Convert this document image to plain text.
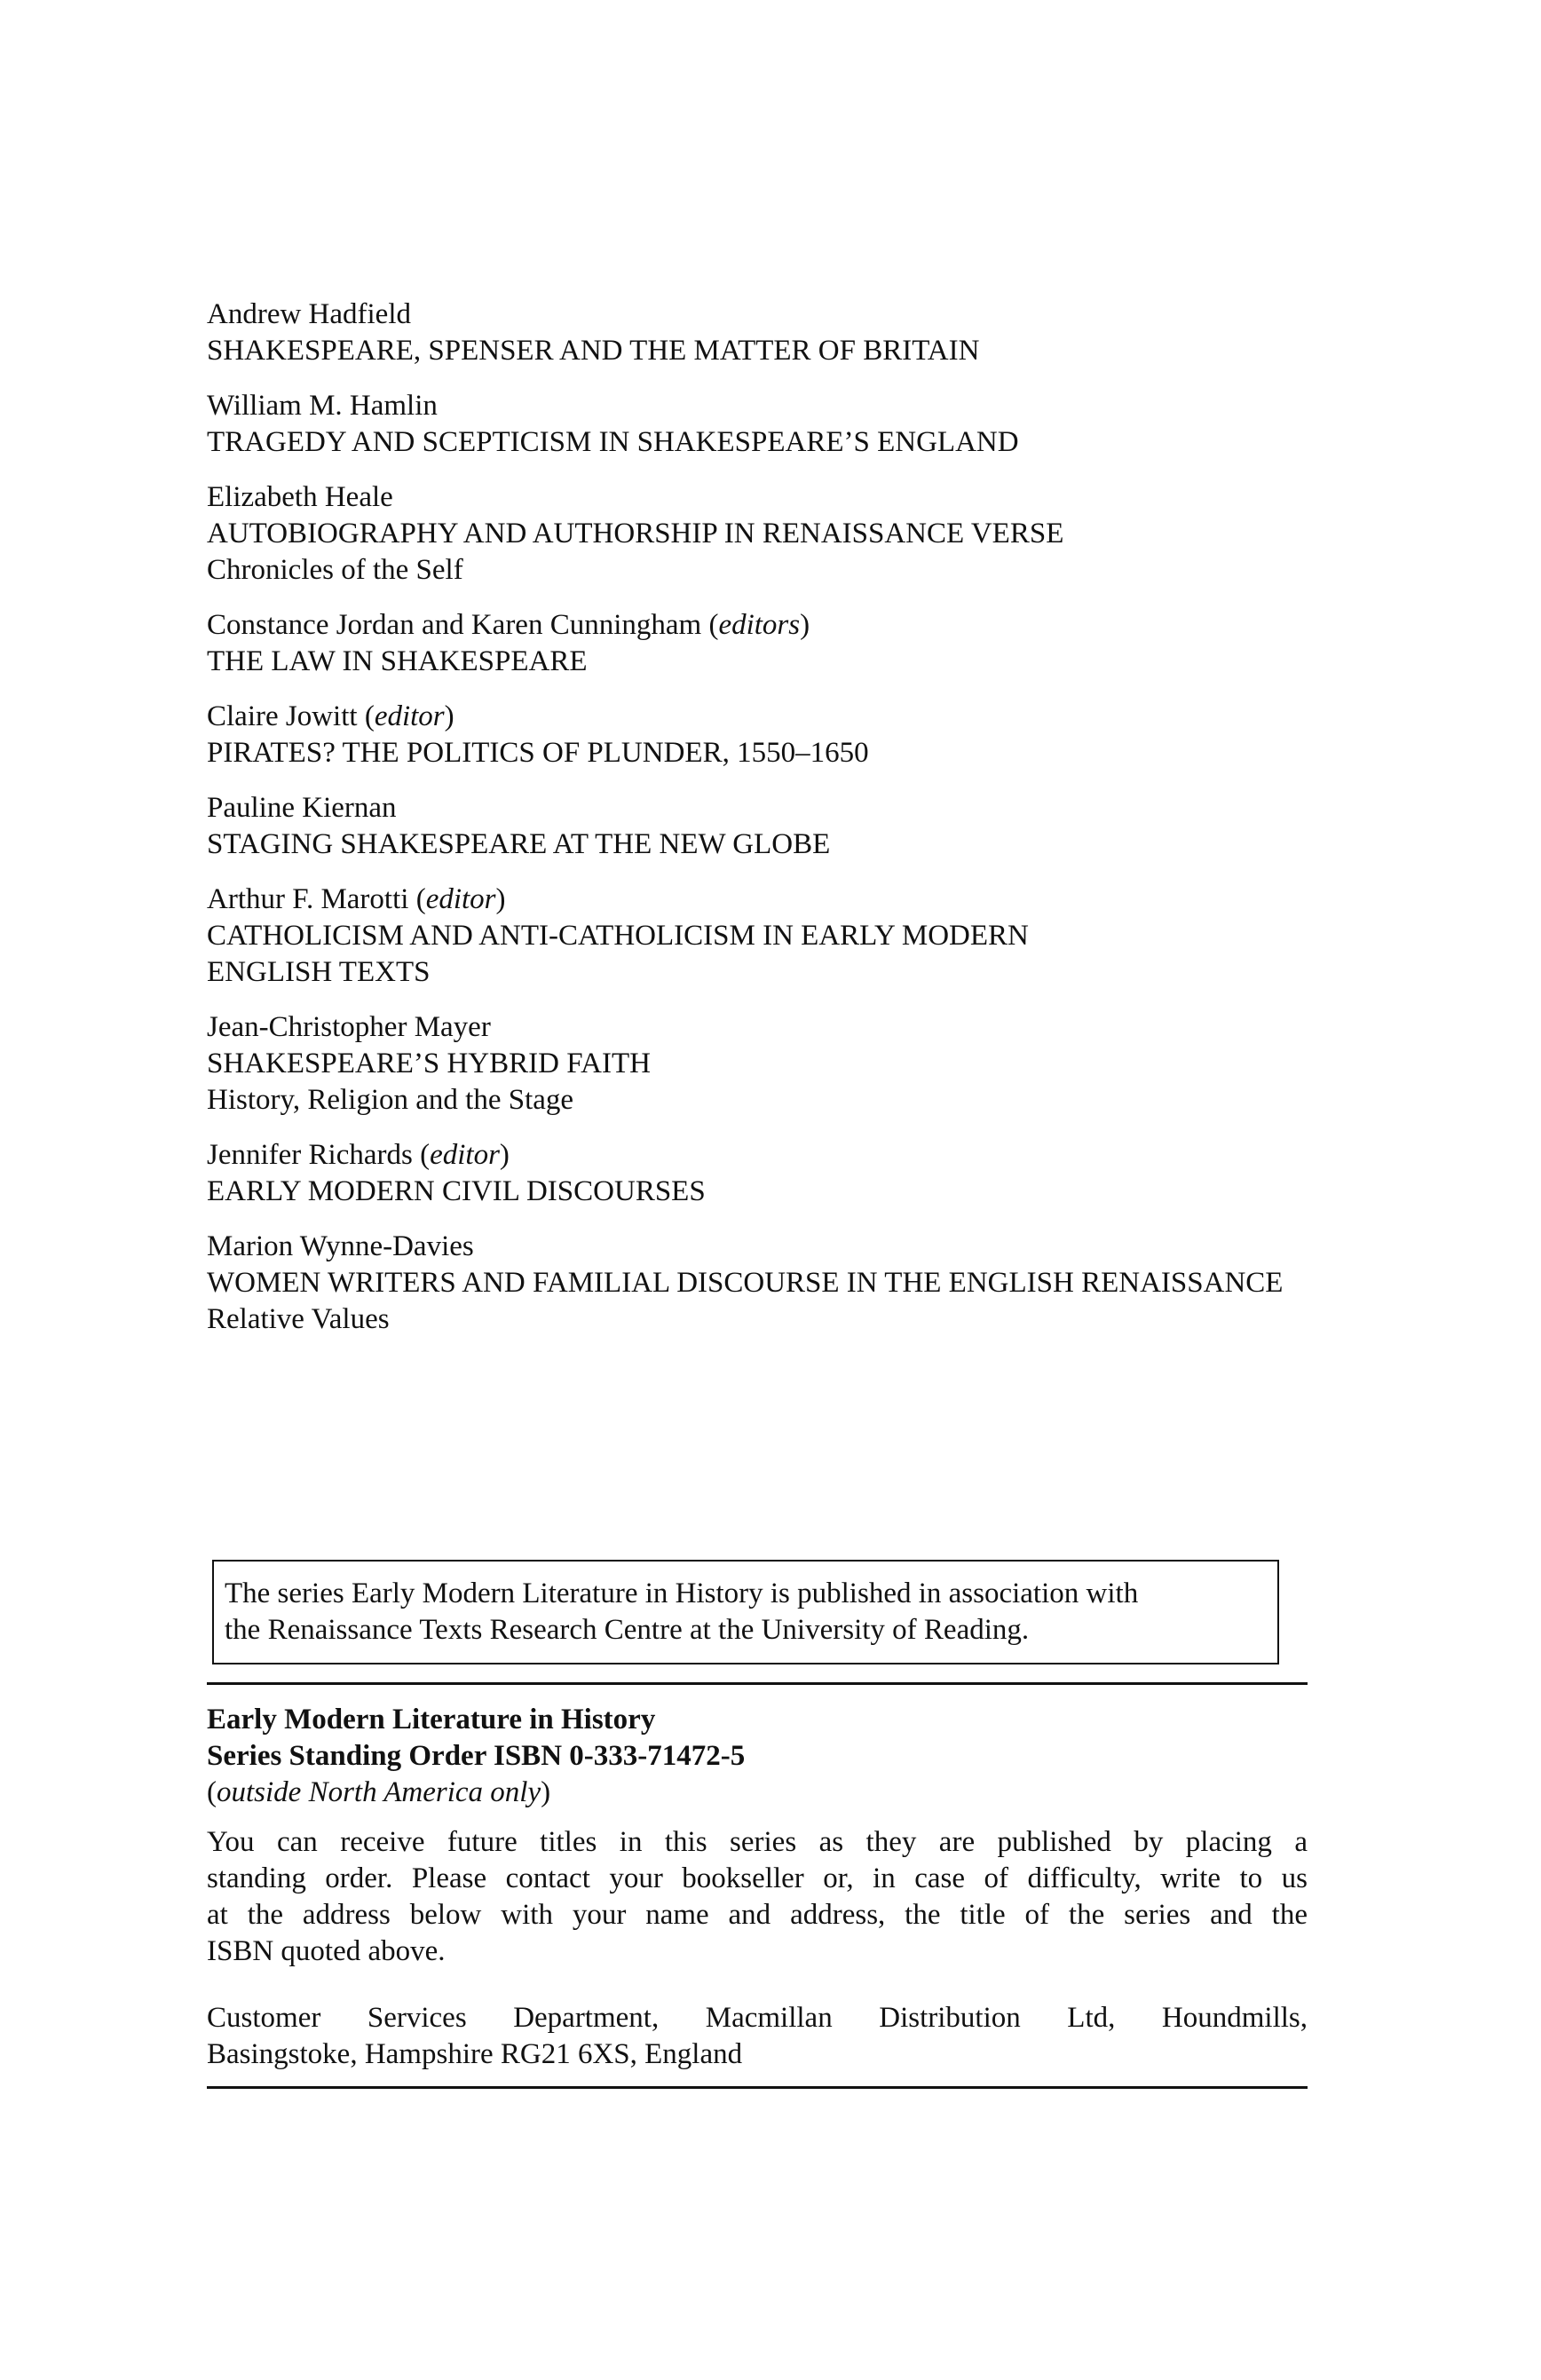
Andrew Hadfield
SHAKESPEARE, SPENSER AND THE MATTER OF BRITAIN
William M. Hamlin
TRAGEDY AND SCEPTICISM IN SHAKESPEARE’S ENGLAND
Elizabeth Heale
AUTOBIOGRAPHY AND AUTHORSHIP IN RENAISSANCE VERSE
Chronicles of the Self
Constance Jordan and Karen Cunningham (editors)
THE LAW IN SHAKESPEARE
Claire Jowitt (editor)
PIRATES? THE POLITICS OF PLUNDER, 1550–1650
Pauline Kiernan
STAGING SHAKESPEARE AT THE NEW GLOBE
Arthur F. Marotti (editor)
CATHOLICISM AND ANTI-CATHOLICISM IN EARLY MODERN
ENGLISH TEXTS
Jean-Christopher Mayer
SHAKESPEARE’S HYBRID FAITH
History, Religion and the Stage
Jennifer Richards (editor)
EARLY MODERN CIVIL DISCOURSES
Marion Wynne-Davies
WOMEN WRITERS AND FAMILIAL DISCOURSE IN THE ENGLISH RENAISSANCE
Relative Values
The series Early Modern Literature in History is published in association with
the Renaissance Texts Research Centre at the University of Reading.
Early Modern Literature in History
Series Standing Order ISBN 0-333-71472-5
(outside North America only)
You can receive future titles in this series as they are published by placing a
standing order. Please contact your bookseller or, in case of difficulty, write to us
at the address below with your name and address, the title of the series and the
ISBN quoted above.
Customer Services Department, Macmillan Distribution Ltd, Houndmills,
Basingstoke, Hampshire RG21 6XS, England
